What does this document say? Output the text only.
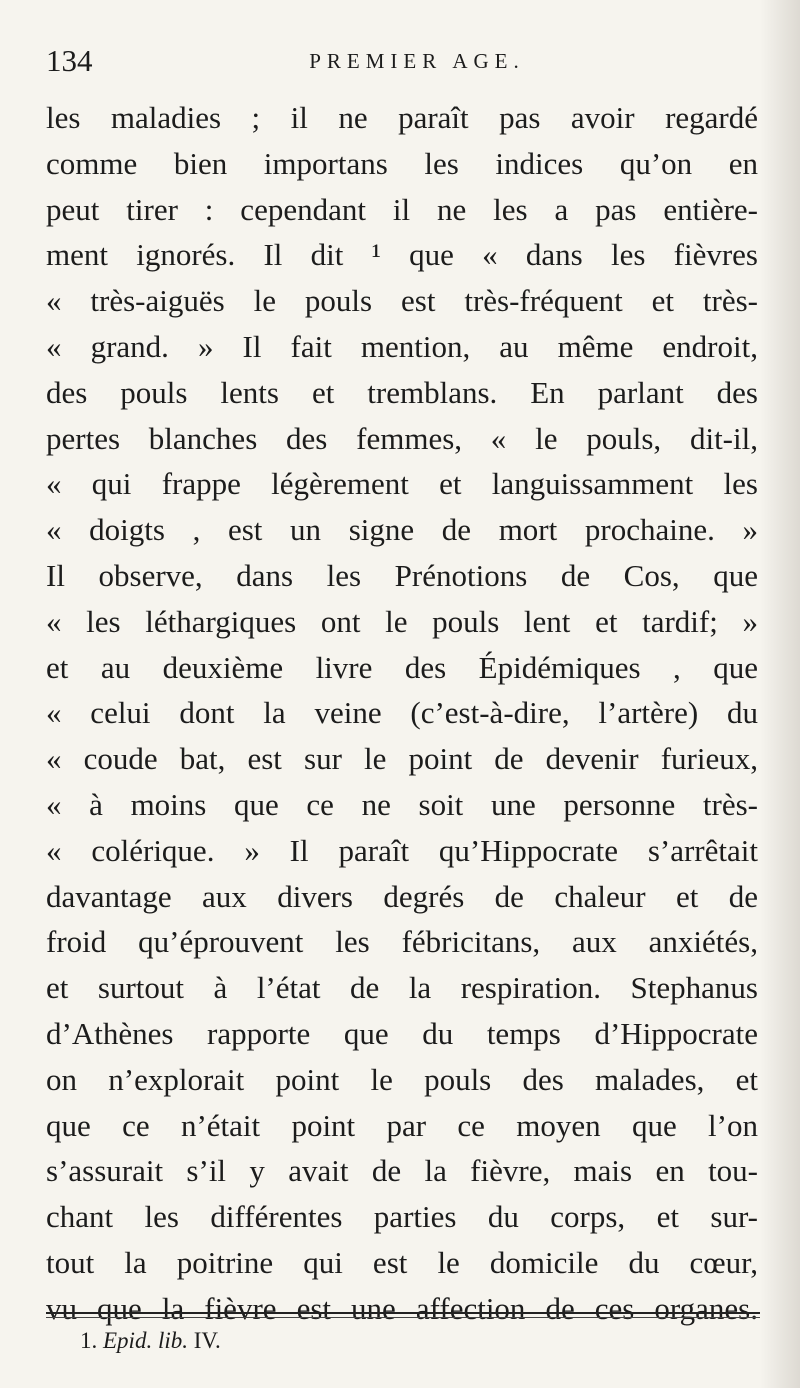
134	PREMIER AGE.
les maladies ; il ne paraît pas avoir regardé
comme bien importans les indices qu’on en
peut tirer : cependant il ne les a pas entière-
ment ignorés. Il dit ¹ que « dans les fièvres
« très-aiguës le pouls est très-fréquent et très-
« grand. » Il fait mention, au même endroit,
des pouls lents et tremblans. En parlant des
pertes blanches des femmes, « le pouls, dit-il,
« qui frappe légèrement et languissamment les
« doigts , est un signe de mort prochaine. »
Il observe, dans les Prénotions de Cos, que
« les léthargiques ont le pouls lent et tardif; »
et au deuxième livre des Épidémiques , que
« celui dont la veine (c’est-à-dire, l’artère) du
« coude bat, est sur le point de devenir furieux,
« à moins que ce ne soit une personne très-
« colérique. » Il paraît qu’Hippocrate s’arrêtait
davantage aux divers degrés de chaleur et de
froid qu’éprouvent les fébricitans, aux anxiétés,
et surtout à l’état de la respiration. Stephanus
d’Athènes rapporte que du temps d’Hippocrate
on n’explorait point le pouls des malades, et
que ce n’était point par ce moyen que l’on
s’assurait s’il y avait de la fièvre, mais en tou-
chant les différentes parties du corps, et sur-
tout la poitrine qui est le domicile du cœur,
vu que la fièvre est une affection de ces organes.
1. Epid. lib. IV.
